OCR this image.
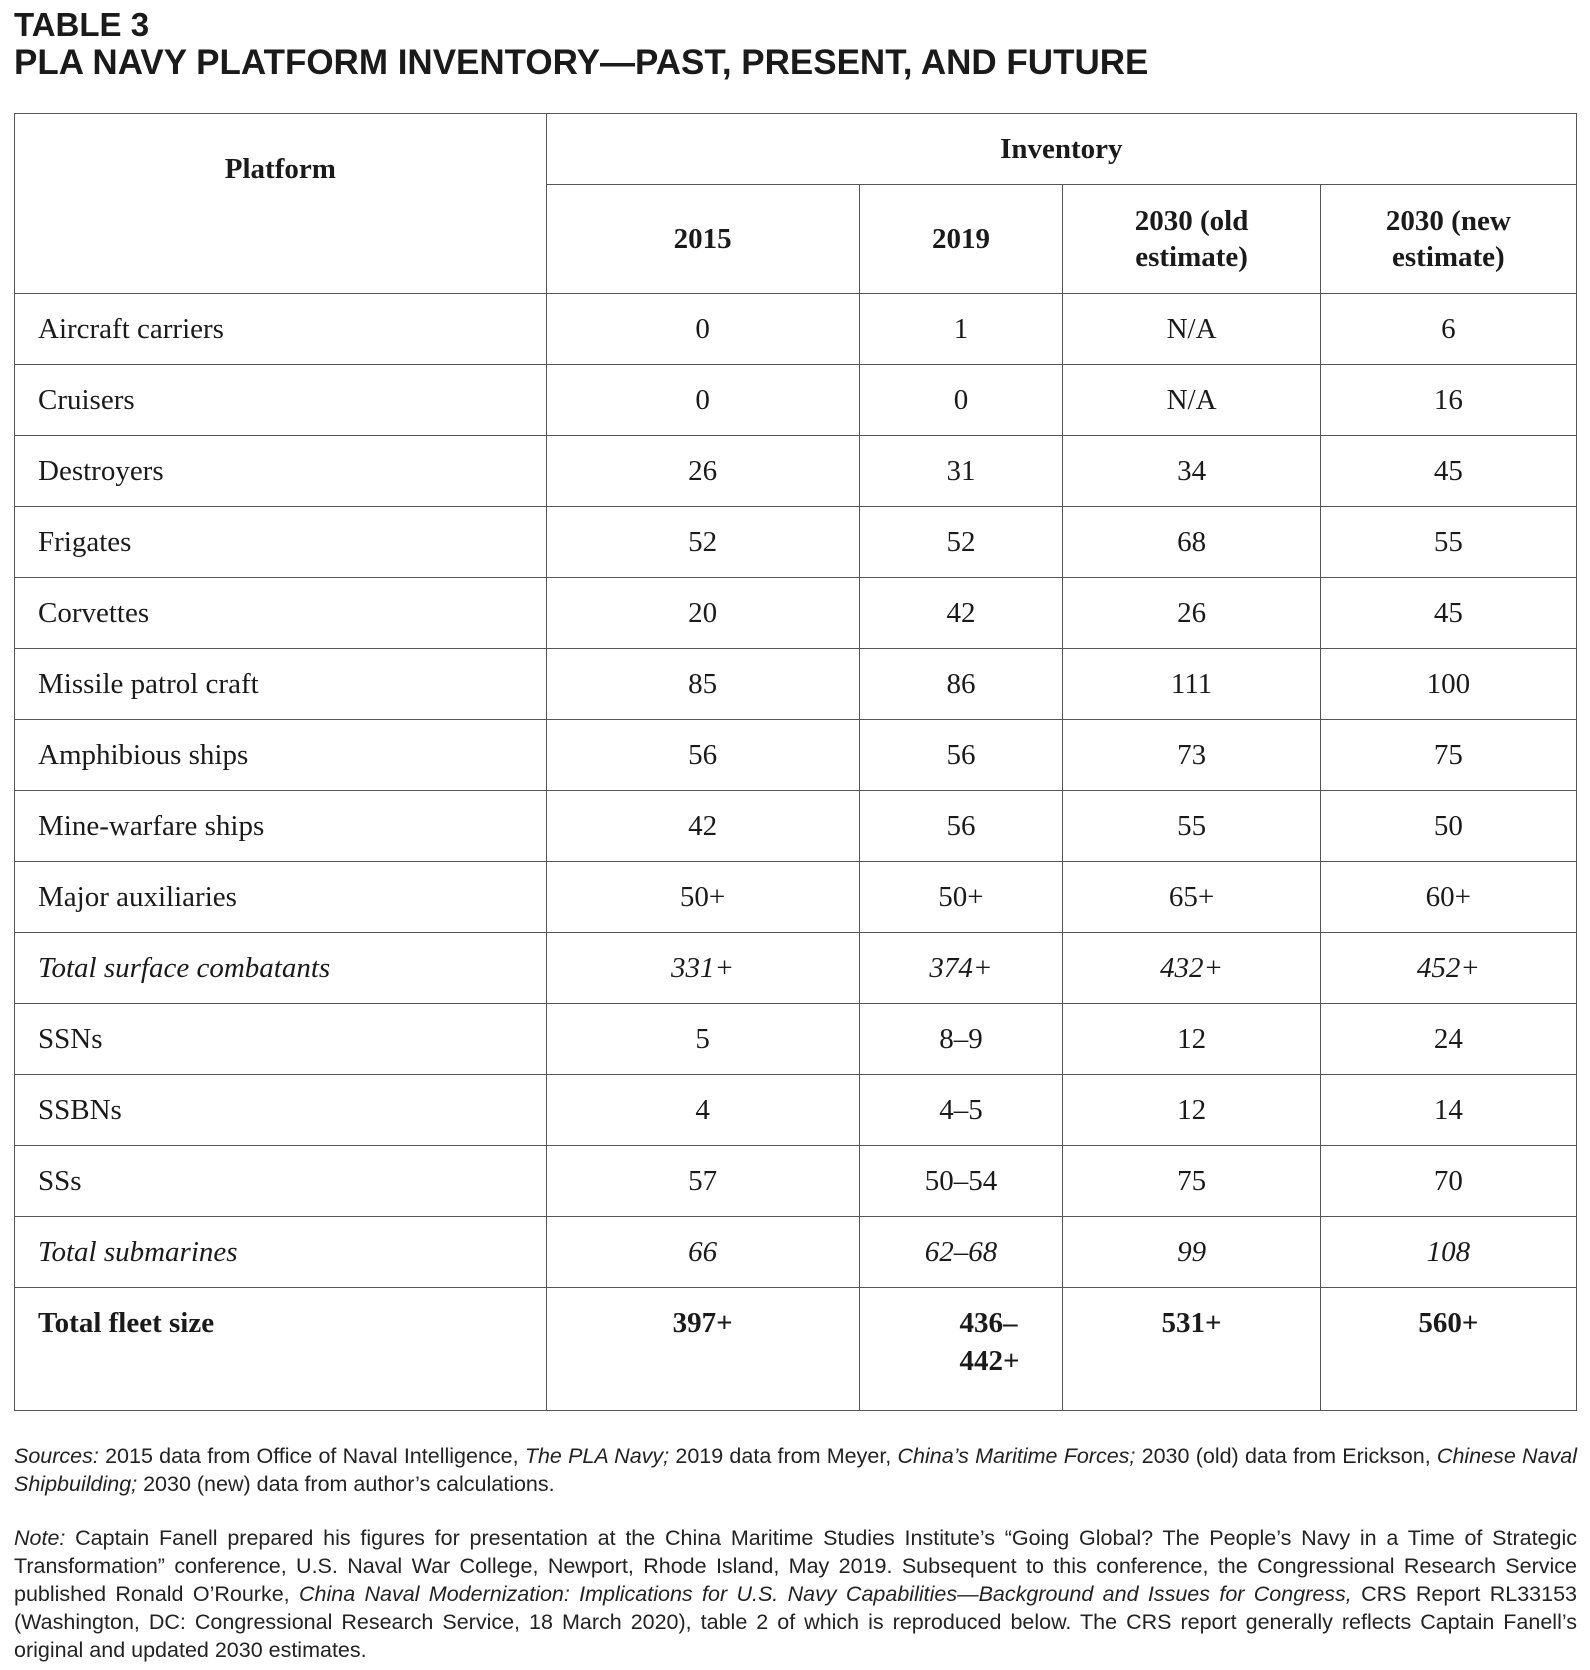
TABLE 3
PLA NAVY PLATFORM INVENTORY—PAST, PRESENT, AND FUTURE
Platform	Inventory			
	2015	2019	2030 (old estimate)	2030 (new estimate)
Aircraft carriers	0	1	N/A	6
Cruisers	0	0	N/A	16
Destroyers	26	31	34	45
Frigates	52	52	68	55
Corvettes	20	42	26	45
Missile patrol craft	85	86	111	100
Amphibious ships	56	56	73	75
Mine-warfare ships	42	56	55	50
Major auxiliaries	50+	50+	65+	60+
Total surface combatants	331+	374+	432+	452+
SSNs	5	8–9	12	24
SSBNs	4	4–5	12	14
SSs	57	50–54	75	70
Total submarines	66	62–68	99	108
Total fleet size	397+	436–442+	531+	560+
Sources: 2015 data from Office of Naval Intelligence, The PLA Navy; 2019 data from Meyer, China’s Maritime Forces; 2030 (old) data from Erickson, Chinese Naval Shipbuilding; 2030 (new) data from author’s calculations.
Note: Captain Fanell prepared his figures for presentation at the China Maritime Studies Institute’s “Going Global? The People’s Navy in a Time of Strategic Transformation” conference, U.S. Naval War College, Newport, Rhode Island, May 2019. Subsequent to this conference, the Congressional Research Service published Ronald O’Rourke, China Naval Modernization: Implications for U.S. Navy Capabilities—Background and Issues for Congress, CRS Report RL33153 (Washington, DC: Congressional Research Service, 18 March 2020), table 2 of which is reproduced below. The CRS report generally reflects Captain Fanell’s original and updated 2030 estimates.
